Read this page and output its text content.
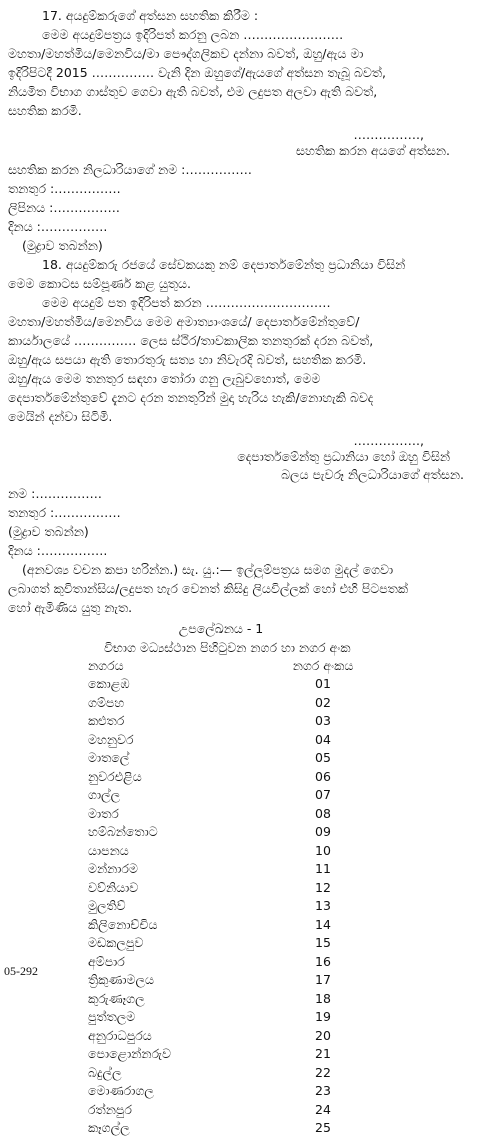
17. අයදුම්කරුගේ අත්සන සහතික කිරීම :
මෙම අයදුම්පත්‍රය ඉදිරිපත් කරනු ලබන ……………………
මහතා/මහත්මිය/මෙනවිය/මා පෞද්ගලිකව දන්නා බවත්, ඔහු/ඇය මා
ඉදිරිපිටදී 2015 …………… වැනි දින ඔහුගේ/ඇයගේ අත්සන තැබූ බවත්,
නියමිත විභාග ගාස්තුව ගෙවා ඇති බවත්, එම ලදුපත අලවා ඇති බවත්,
සහතික කරමි.
…………….,
සහතික කරන අයගේ අත්සන.
සහතික කරන නිලධාරියාගේ නම :…………….
තනතුර :…………….
ලිපිනය :…………….
දිනය :…………….
(මුද්‍රාව තබන්න)
18. අයදුම්කරු රජයේ සේවකයකු නම් දෙපාර්තමේන්තු ප්‍රධානියා විසින්
මෙම කොටස සම්පූර්ණ කළ යුතුය.
මෙම අයදුම් පත ඉදිරිපත් කරන …………………………
මහතා/මහත්මිය/මෙනවිය මෙම අමාත්‍යාංශයේ/ දෙපාර්තමේන්තුවේ/
කාර්යාලයේ …………… ලෙස ස්ථිර/තාවකාලික තනතුරක් දරන බවත්,
ඔහු/ඇය සපයා ඇති තොරතුරු සත්‍ය හා නිවැරදි බවත්, සහතික කරමි.
ඔහු/ඇය මෙම තනතුර සඳහා තෝරා ගනු ලැබුවහොත්, මෙම
දෙපාර්තමේන්තුවේ දැනට දරන තනතුරින් මුදා හැරිය හැකි/නොහැකි බවද
මෙයින් දන්වා සිටිමි.
…………….,
දෙපාර්තමේන්තු ප්‍රධානියා හෝ ඔහු විසින්
බලය පැවරූ නිලධාරියාගේ අත්සන.
නම :…………….
තනතුර :…………….
(මුද්‍රාව තබන්න)
දිනය :…………….
(අනවශ්‍ය වචන කපා හරින්න.) සැ. යු.:— ඉල්ලුම්පත්‍රය සමග මුදල් ගෙවා
ලබාගත් කුවිතාන්සිය/ලදුපත හැර වෙනත් කිසිදු ලියවිල්ලක් හෝ එහි පිටපතක්
හෝ ඇමිණිය යුතු නැත.
උපලේඛනය - 1
විභාග මධ්‍යස්ථාන පිහිටුවන නගර හා නගර අංක
නගරය	නගර අංකය
කොළඹ	01
ගම්පහ	02
කළුතර	03
මහනුවර	04
මාතලේ	05
නුවරඑළිය	06
ගාල්ල	07
මාතර	08
හම්බන්තොට	09
යාපනය	10
මන්නාරම	11
වව්නියාව	12
මුලතිව්	13
කිලිනොච්චිය	14
මඩකලපුව	15
අම්පාර	16
ත්‍රිකුණාමලය	17
කුරුණෑගල	18
පුත්තලම	19
අනුරාධපුරය	20
පොළොන්නරුව	21
බදුල්ල	22
මොණරාගල	23
රත්නපුර	24
කෑගල්ල	25
05-292
